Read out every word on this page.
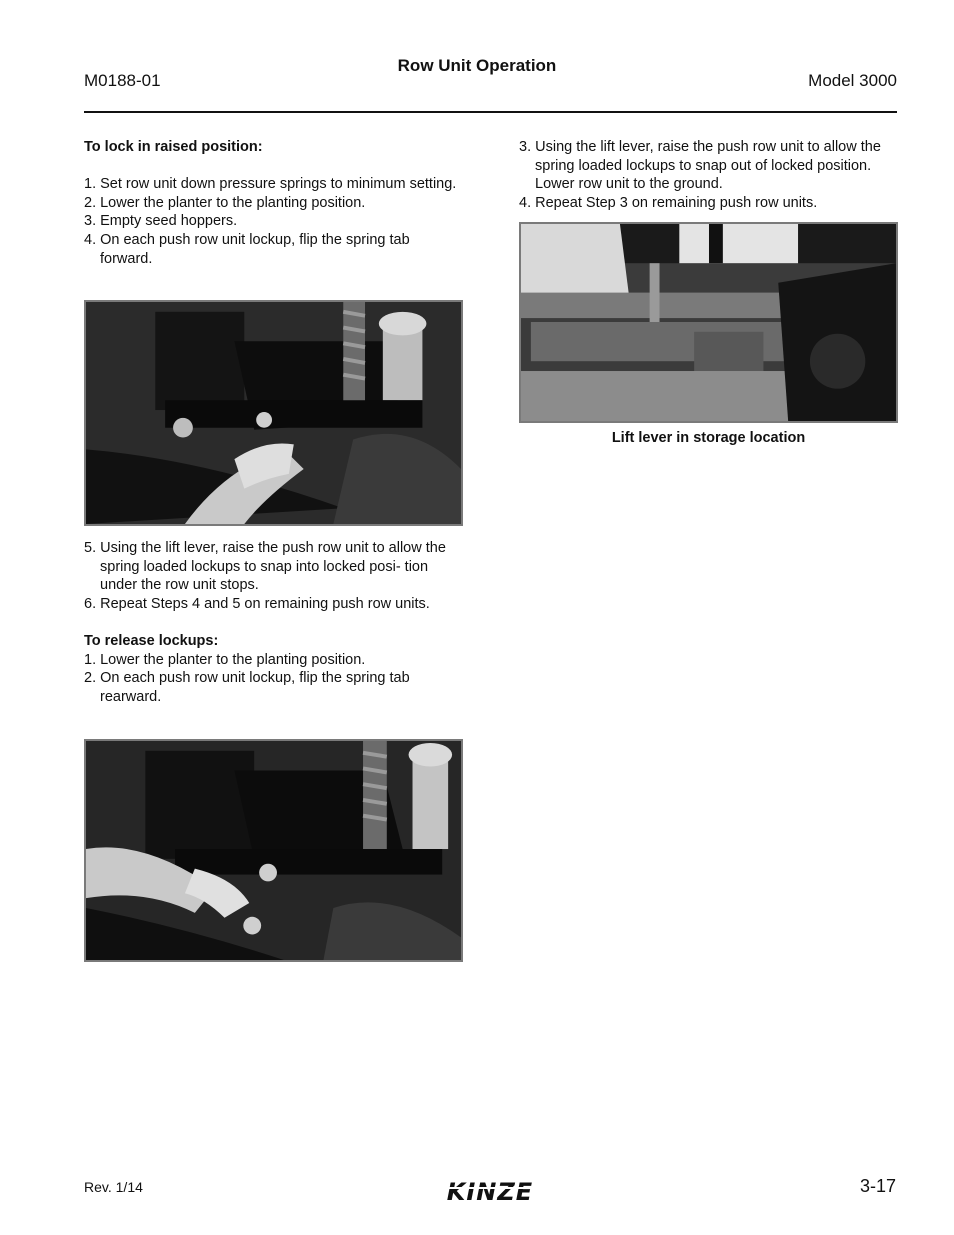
M0188-01
Row Unit Operation
Model 3000

To lock in raised position:

1. Set row unit down pressure springs to minimum setting.

2. Lower the planter to the planting position.

3. Empty seed hoppers.

4. On each push row unit lockup, flip the spring tab forward.

5. Using the lift lever, raise the push row unit to allow the spring loaded lockups to snap into locked posi- tion under the row unit stops.

6. Repeat Steps 4 and 5 on remaining push row units.

To release lockups:

1. Lower the planter to the planting position.

2. On each push row unit lockup, flip the spring tab rearward.

3. Using the lift lever, raise the push row unit to allow the spring loaded lockups to snap out of locked position. Lower row unit to the ground.

4. Repeat Step 3 on remaining push row units.

Lift lever in storage location
Rev. 1/14	KINZE	3-17
